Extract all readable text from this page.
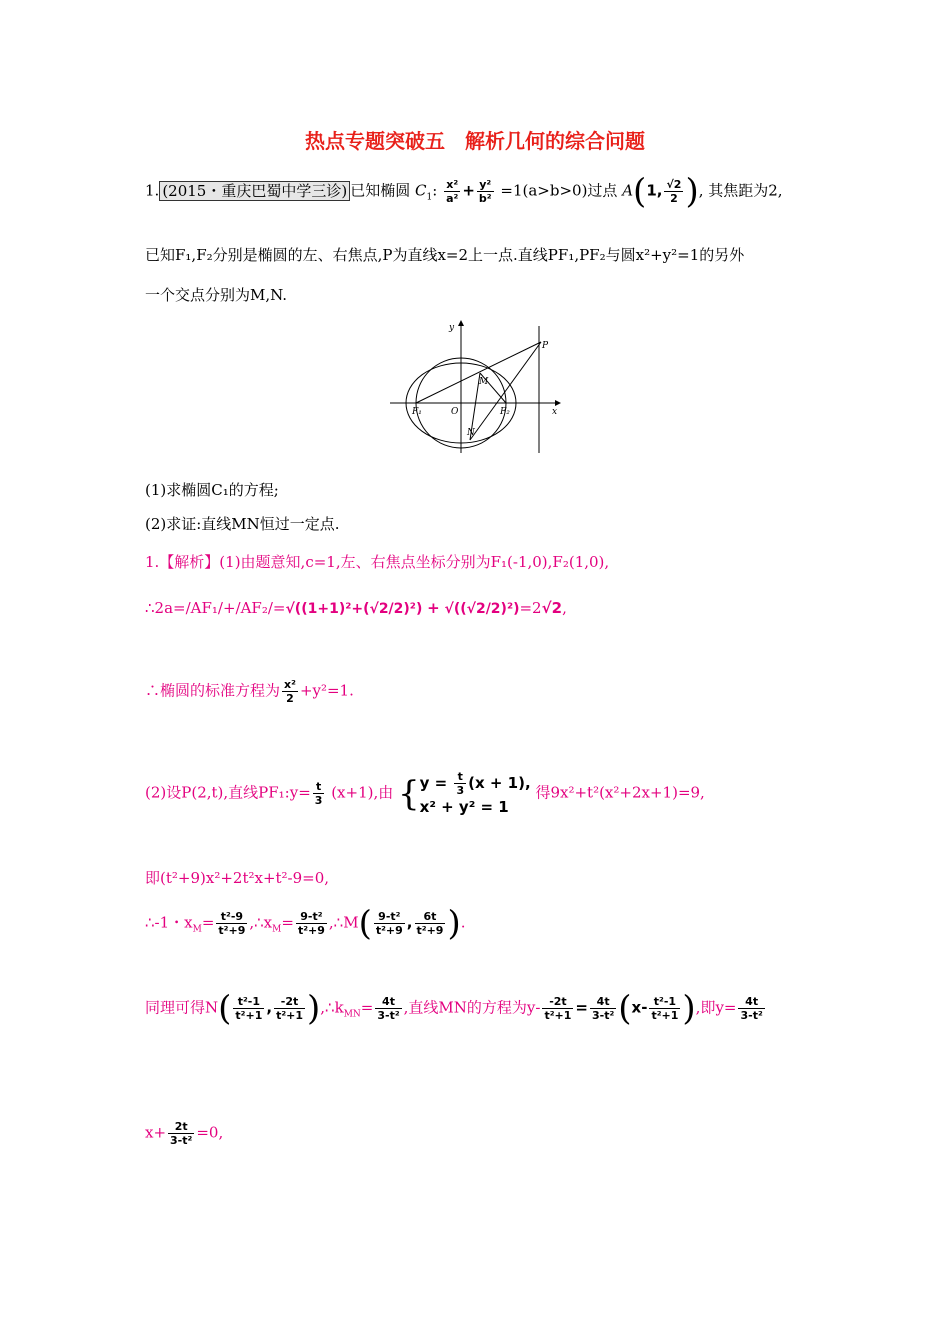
热点专题突破五　解析几何的综合问题
1. (2015・重庆巴蜀中学三诊) 已知椭圆 $C_1$: $\frac{\text{x²}}{\text{a²}} + \frac{\text{y²}}{\text{b²}} =1(a>b>0)$过点 A(1, $\frac{√2}{2}$ ), 其焦距为2,
已知F₁,F₂分别是椭圆的左、右焦点,P为直线x=2上一点.直线PF₁,PF₂与圆x²+y²=1的另外
一个交点分别为M,N.
y
x
P
M
F₁	O	F₂
N
(1)求椭圆C₁的方程;
(2)求证:直线MN恒过一定点.
1.【解析】(1)由题意知,c=1,左、右焦点坐标分别为F₁(-1,0),F₂(1,0),
∴2a=/AF₁/+/AF₂/=√((1+1)²+(√2/2)²) + √((√2/2)²)=2√2,
∴椭圆的标准方程为 $\frac{\text{x²}}{2} +y^2=1$.
(2)设P(2,t),直线PF₁:y= $\frac{t}{3} (x+1)$,由 { $y = \frac{t}{3} (x + 1)$,
x² + y² = 1
得9x²+t²(x²+2x+1)=9,
即(t²+9)x²+2t²x+t²-9=0,
∴-1・$x_M= \frac{\text{t²-9}}{\text{t²+9}}$ $,\therefore x_M= \frac{\text{9-t²}}{\text{t²+9}}$ ,∴M( $\frac{\text{9-t²}}{\text{t²+9}}$ , $\frac{6t}{\text{t²+9}}$ ).
同理可得$N( \frac{\text{t²-1}}{\text{t²+1}}$ , $\frac{-2t}{\text{t²+1}}$ )$,\therefore k_{MN}= \frac{4t}{\text{3-t²}}$ ,直线MN的方程为$y- \frac{-2t}{\text{t²+1}} = \frac{4t}{\text{3-t²}} (x- \frac{\text{t²-1}}{\text{t²+1}}$ ),即$y= \frac{4t}{\text{3-t²}}$
$x+ \frac{2t}{\text{3-t²}} =0$,
